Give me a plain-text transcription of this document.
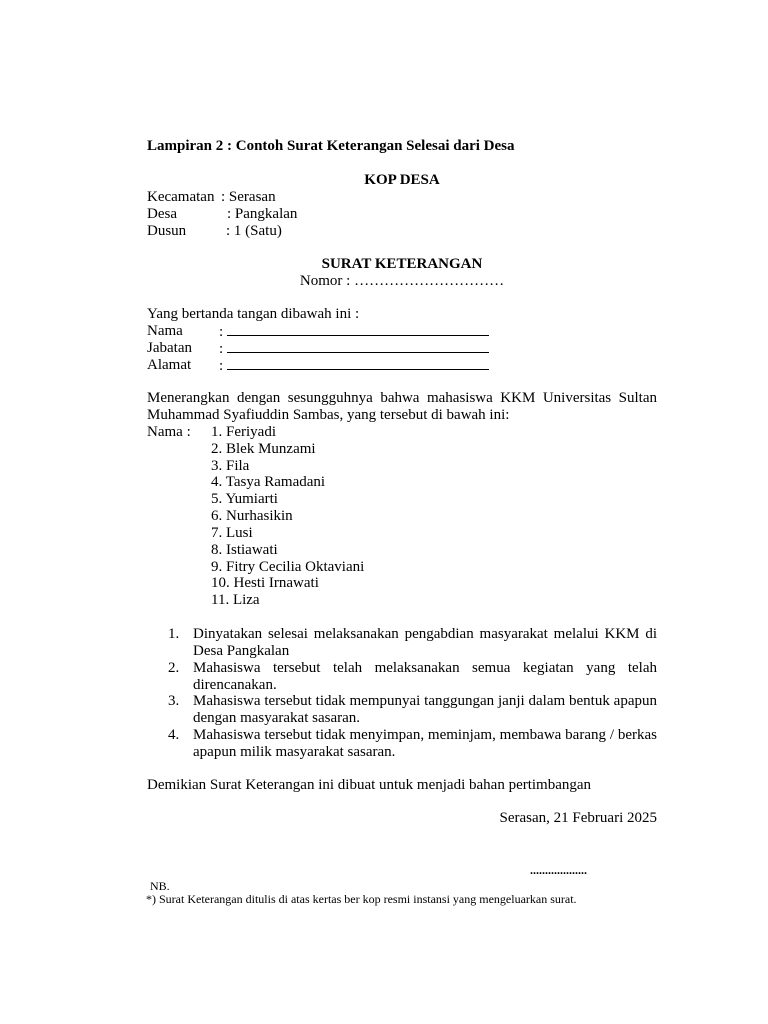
Lampiran 2 : Contoh Surat Keterangan Selesai dari Desa
KOP DESA
Kecamatan : Serasan
Desa	: Pangkalan
Dusun	: 1 (Satu)
SURAT KETERANGAN
Nomor : …………………………
Yang bertanda tangan dibawah ini :
Nama :
Jabatan :
Alamat :
Menerangkan dengan sesungguhnya bahwa mahasiswa KKM Universitas Sultan Muhammad Syafiuddin Sambas, yang tersebut di bawah ini:
Nama : 1. Feriyadi
2. Blek Munzami
3. Fila
4. Tasya Ramadani
5. Yumiarti
6. Nurhasikin
7. Lusi
8. Istiawati
9. Fitry Cecilia Oktaviani
10. Hesti Irnawati
11. Liza
1. Dinyatakan selesai melaksanakan pengabdian masyarakat melalui KKM di Desa Pangkalan
2. Mahasiswa tersebut telah melaksanakan semua kegiatan yang telah direncanakan.
3. Mahasiswa tersebut tidak mempunyai tanggungan janji dalam bentuk apapun dengan masyarakat sasaran.
4. Mahasiswa tersebut tidak menyimpan, meminjam, membawa barang / berkas apapun milik masyarakat sasaran.
Demikian Surat Keterangan ini dibuat untuk menjadi bahan pertimbangan
Serasan, 21 Februari 2025
...................
NB.
*) Surat Keterangan ditulis di atas kertas ber kop resmi instansi yang mengeluarkan surat.
